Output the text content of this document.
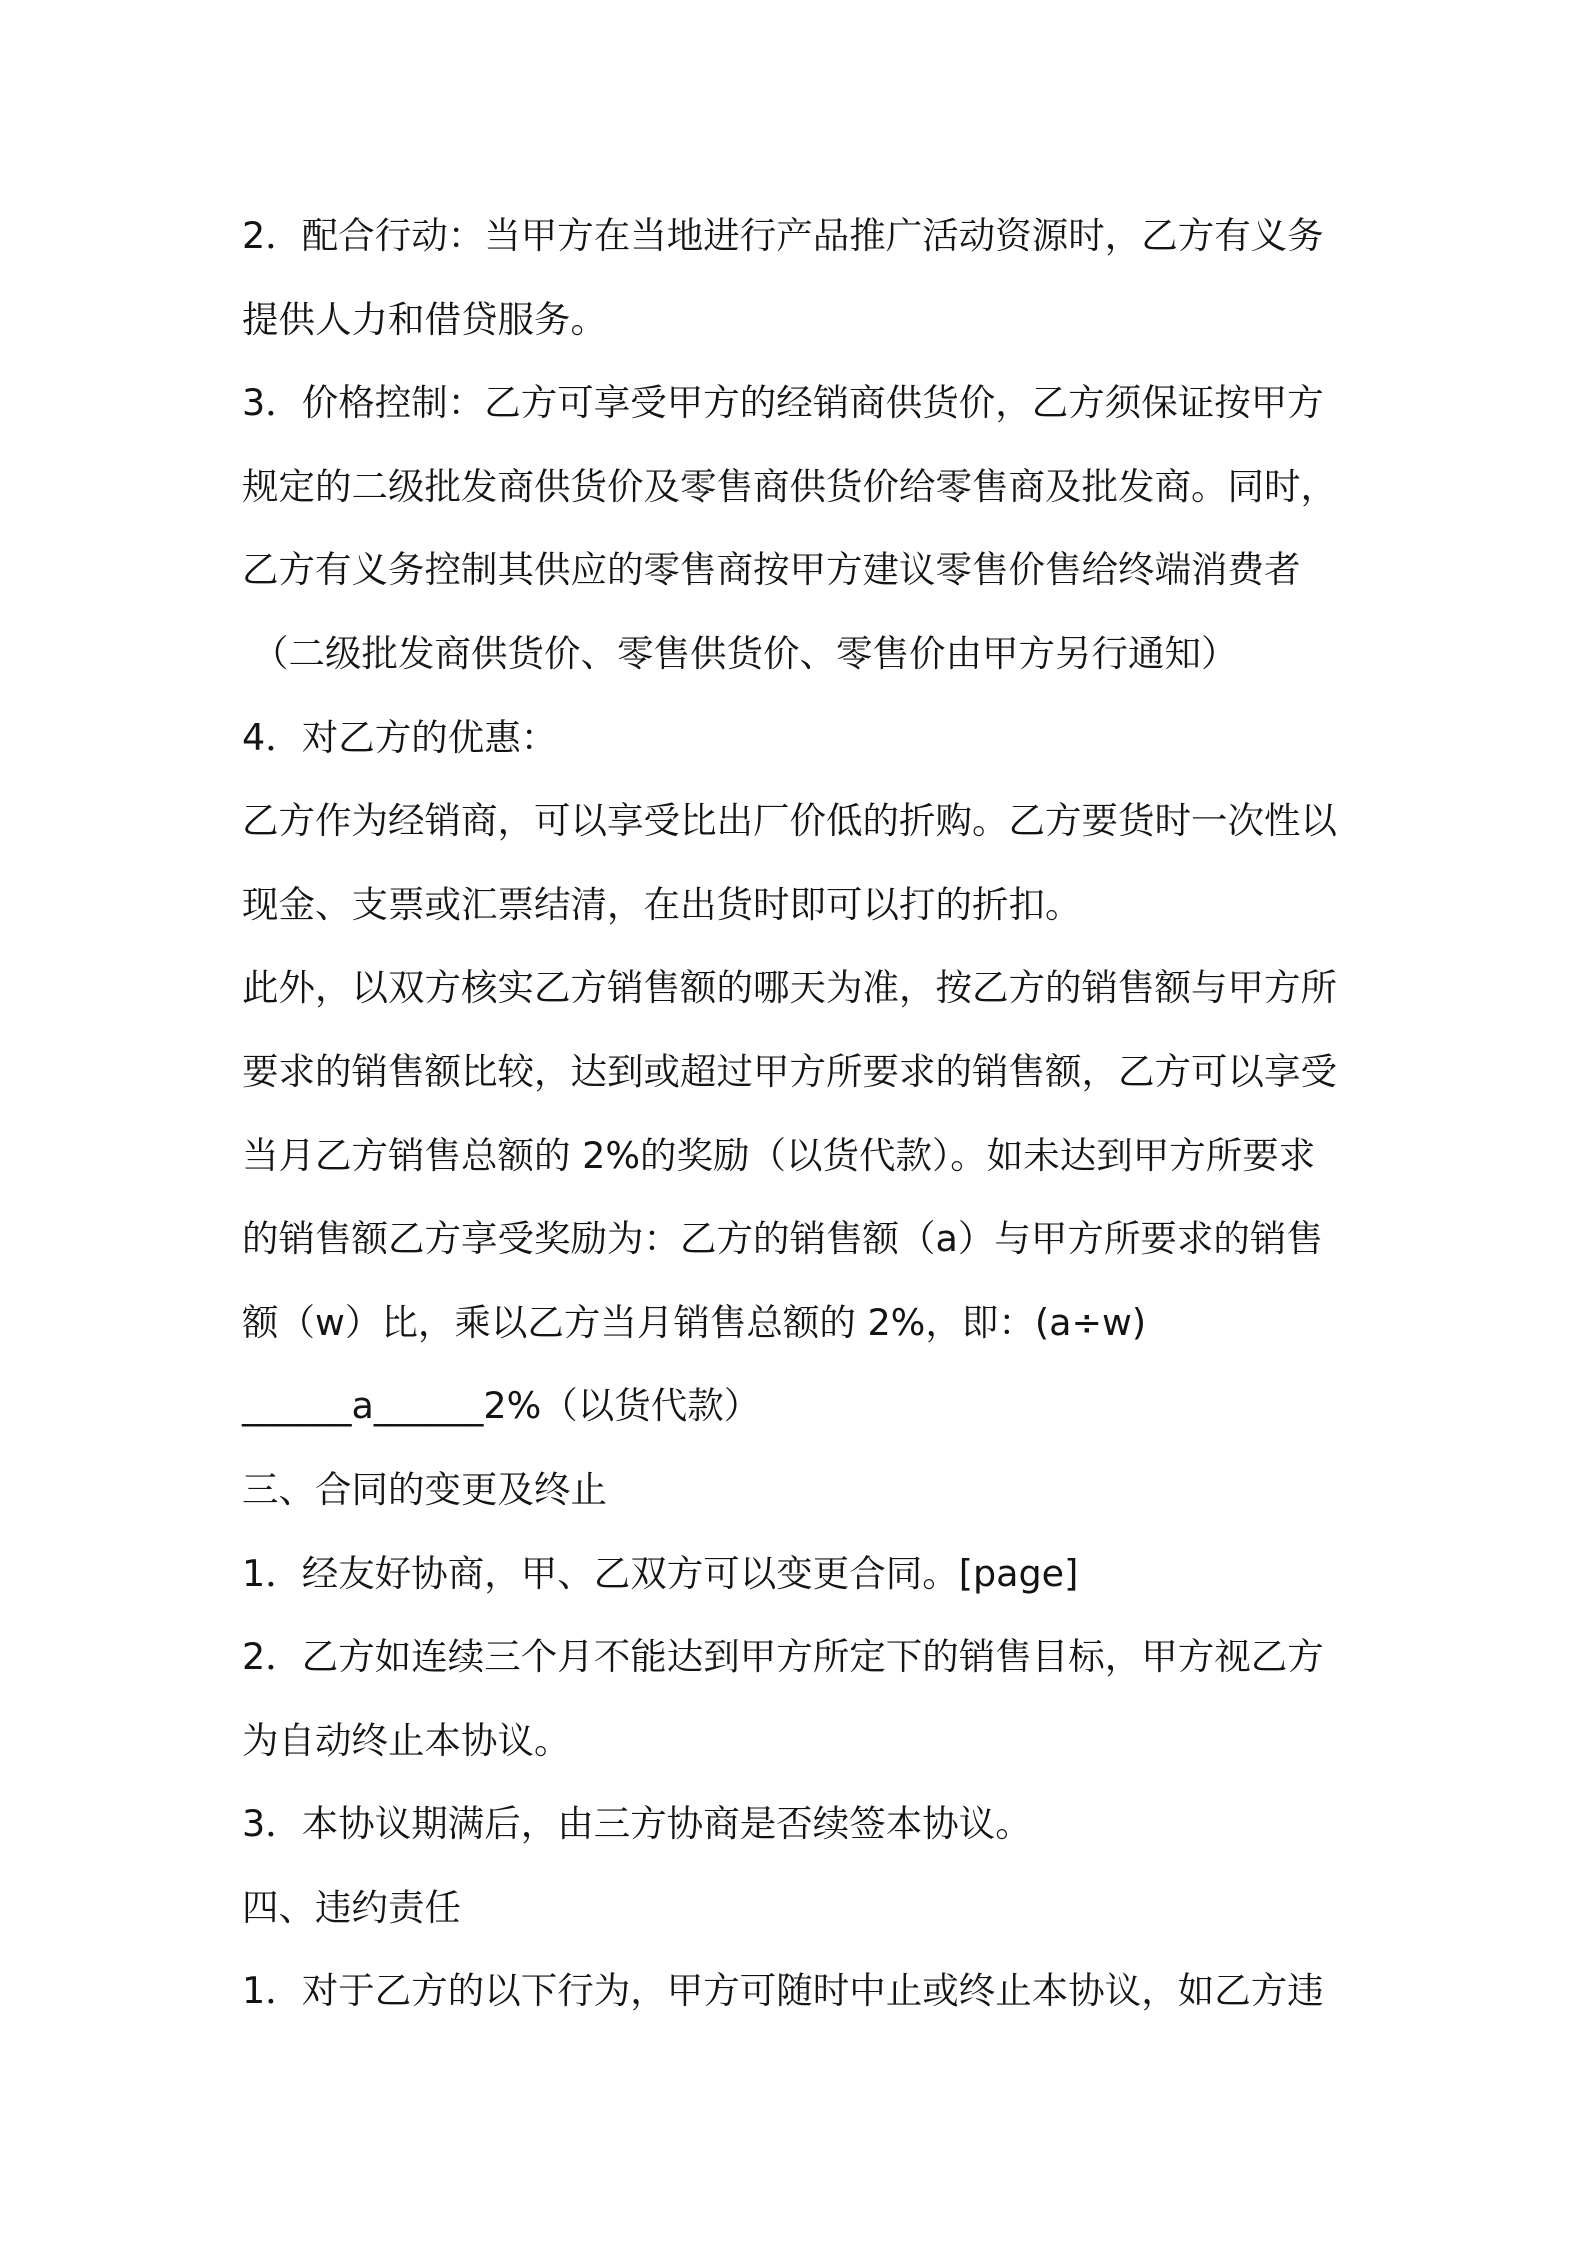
2．配合行动：当甲方在当地进行产品推广活动资源时，乙方有义务
提供人力和借贷服务。
3．价格控制：乙方可享受甲方的经销商供货价，乙方须保证按甲方
规定的二级批发商供货价及零售商供货价给零售商及批发商。同时，
乙方有义务控制其供应的零售商按甲方建议零售价售给终端消费者
（二级批发商供货价、零售供货价、零售价由甲方另行通知）
4．对乙方的优惠：
乙方作为经销商，可以享受比出厂价低的折购。乙方要货时一次性以
现金、支票或汇票结清，在出货时即可以打的折扣。
此外，以双方核实乙方销售额的哪天为准，按乙方的销售额与甲方所
要求的销售额比较，达到或超过甲方所要求的销售额，乙方可以享受
当月乙方销售总额的 2%的奖励（以货代款）。如未达到甲方所要求
的销售额乙方享受奖励为：乙方的销售额（a）与甲方所要求的销售
额（w）比，乘以乙方当月销售总额的 2%，即：(a÷w)
______a______2%（以货代款）
三、合同的变更及终止
1．经友好协商，甲、乙双方可以变更合同。[page]
2．乙方如连续三个月不能达到甲方所定下的销售目标，甲方视乙方
为自动终止本协议。
3．本协议期满后，由三方协商是否续签本协议。
四、违约责任
1．对于乙方的以下行为，甲方可随时中止或终止本协议，如乙方违
